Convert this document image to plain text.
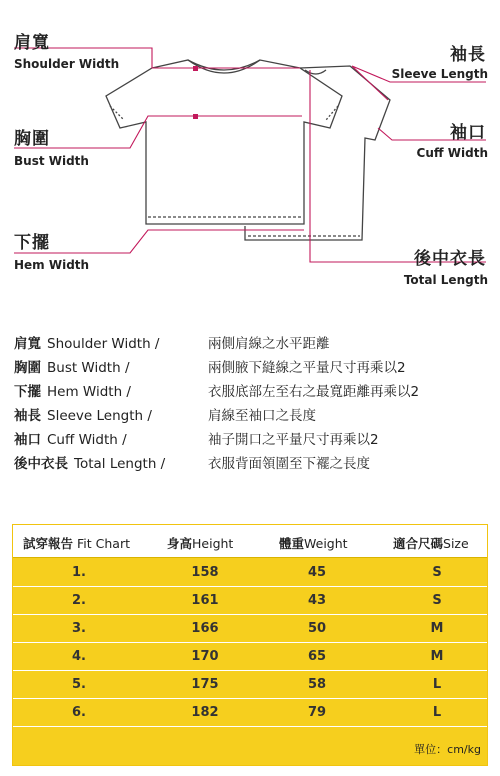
肩寬
Shoulder Width
胸圍
Bust Width
下擺
Hem Width
袖長
Sleeve Length
袖口
Cuff Width
後中衣長
Total Length
肩寬 Shoulder Width /	兩側肩線之水平距離
胸圍 Bust Width /	兩側腋下縫線之平量尺寸再乘以2
下擺 Hem Width /	衣服底部左至右之最寬距離再乘以2
袖長 Sleeve Length /	肩線至袖口之長度
袖口 Cuff Width /	袖子開口之平量尺寸再乘以2
後中衣長 Total Length /	衣服背面領圍至下襬之長度
試穿報告 Fit Chart	身高Height	體重Weight	適合尺碼Size
1.	158	45	S
2.	161	43	S
3.	166	50	M
4.	170	65	M
5.	175	58	L
6.	182	79	L
單位：cm/kg
